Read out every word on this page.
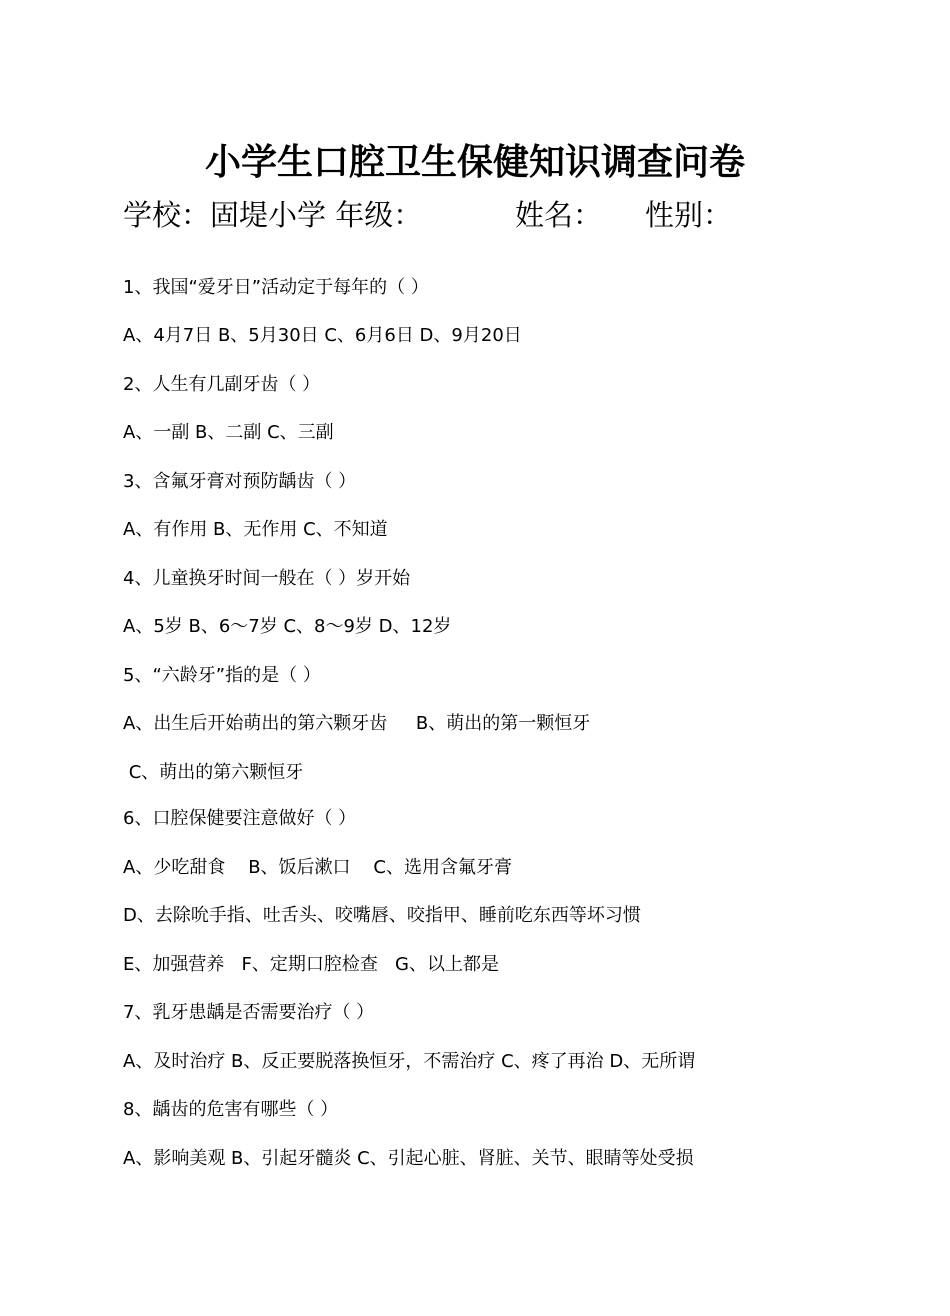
小学生口腔卫生保健知识调查问卷
学校：固堤小学 年级：	姓名： 性别：
1、我国“爱牙日”活动定于每年的（ ）
A、4月7日 B、5月30日 C、6月6日 D、9月20日
2、人生有几副牙齿（ ）
A、一副 B、二副 C、三副
3、含氟牙膏对预防龋齿（ ）
A、有作用 B、无作用 C、不知道
4、儿童换牙时间一般在（ ）岁开始
A、5岁 B、6～7岁 C、8～9岁 D、12岁
5、“六龄牙”指的是（ ）
A、出生后开始萌出的第六颗牙齿     B、萌出的第一颗恒牙
C、萌出的第六颗恒牙
6、口腔保健要注意做好（ ）
A、少吃甜食    B、饭后漱口    C、选用含氟牙膏
D、去除吮手指、吐舌头、咬嘴唇、咬指甲、睡前吃东西等坏习惯
E、加强营养   F、定期口腔检查   G、以上都是
7、乳牙患龋是否需要治疗（ ）
A、及时治疗 B、反正要脱落换恒牙，不需治疗 C、疼了再治 D、无所谓
8、龋齿的危害有哪些（ ）
A、影响美观 B、引起牙髓炎 C、引起心脏、肾脏、关节、眼睛等处受损
